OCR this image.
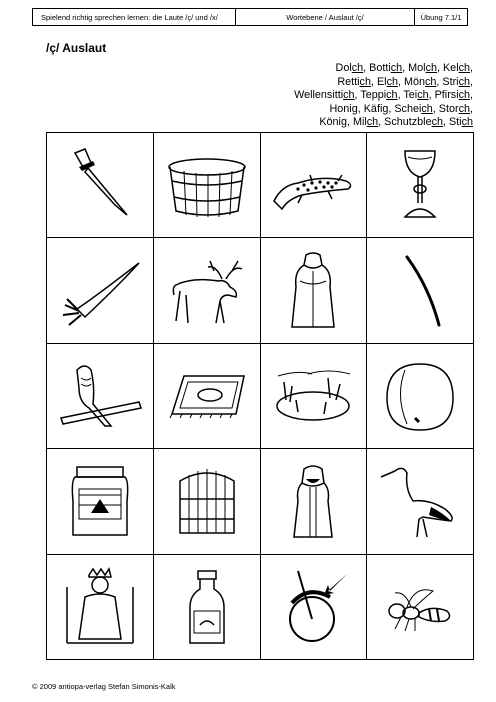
Spielend richtig sprechen lernen: die Laute /ç/ und /x/	Wortebene / Auslaut /ç/	Übung 7.1/1
/ç/ Auslaut
Dolch, Bottich, Molch, Kelch,
Rettich, Elch, Mönch, Strich,
Wellensittich, Teppich, Teich, Pfirsich,
Honig, Käfig, Scheich, Storch,
König, Milch, Schutzblech, Stich
© 2009 antiopa-verlag Stefan Simonis-Kalk
